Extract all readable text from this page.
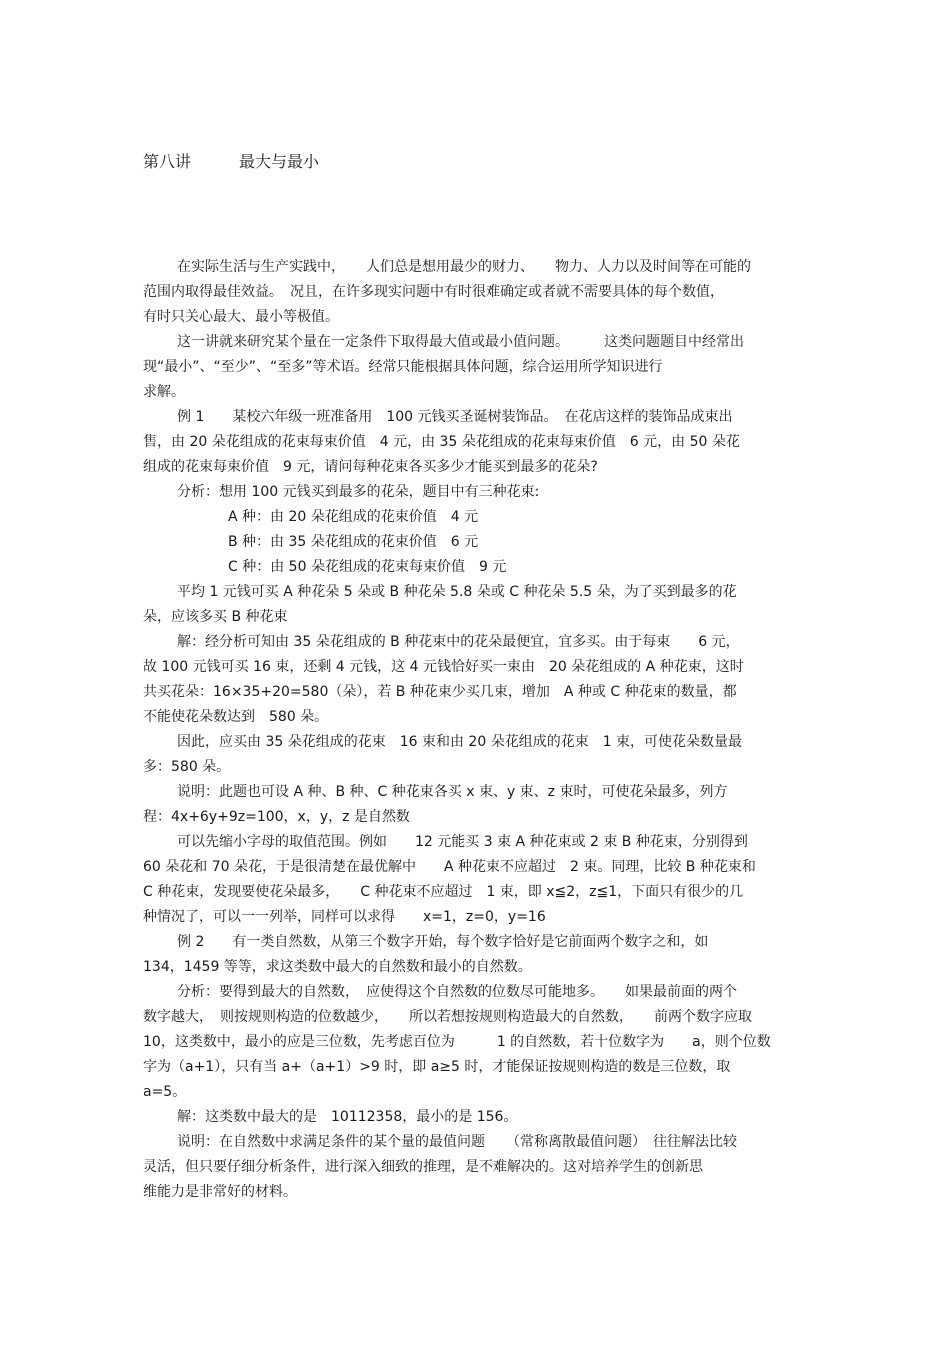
第八讲　　　最大与最小
在实际生活与生产实践中，　　人们总是想用最少的财力、　　物力、人力以及时间等在可能的
范围内取得最佳效益。　况且，在许多现实问题中有时很难确定或者就不需要具体的每个数值，
有时只关心最大、最小等极值。
这一讲就来研究某个量在一定条件下取得最大值或最小值问题。　　　这类问题题目中经常出
现“最小”、“至少”、“至多”等术语。经常只能根据具体问题，综合运用所学知识进行
求解。
例 1　　某校六年级一班准备用　100 元钱买圣诞树装饰品。　在花店这样的装饰品成束出
售，由 20 朵花组成的花束每束价值　4 元，由 35 朵花组成的花束每束价值　6 元，由 50 朵花
组成的花束每束价值　9 元，请问每种花束各买多少才能买到最多的花朵?
分析：想用 100 元钱买到最多的花朵，题目中有三种花束:
A 种：由 20 朵花组成的花束价值　4 元
B 种：由 35 朵花组成的花束价值　6 元
C 种：由 50 朵花组成的花束每束价值　9 元
平均 1 元钱可买 A 种花朵 5 朵或 B 种花朵 5.8 朵或 C 种花朵 5.5 朵，为了买到最多的花
朵，应该多买 B 种花束
解：经分析可知由 35 朵花组成的 B 种花束中的花朵最便宜，宜多买。由于每束　　6 元，
故 100 元钱可买 16 束，还剩 4 元钱，这 4 元钱恰好买一束由　20 朵花组成的 A 种花束，这时
共买花朵：16×35+20=580（朵），若 B 种花束少买几束，增加　A 种或 C 种花束的数量，都
不能使花朵数达到　580 朵。
因此，应买由 35 朵花组成的花束　16 束和由 20 朵花组成的花束　1 束，可使花朵数量最
多：580 朵。
说明：此题也可设 A 种、B 种、C 种花束各买 x 束、y 束、z 束时，可使花朵最多，列方
程：4x+6y+9z=100，x，y，z 是自然数
可以先缩小字母的取值范围。例如　　12 元能买 3 束 A 种花束或 2 束 B 种花束，分别得到
60 朵花和 70 朵花，于是很清楚在最优解中　　A 种花束不应超过　2 束。同理，比较 B 种花束和
C 种花束，发现要使花朵最多，　　C 种花束不应超过　1 束，即 x≦2，z≦1，下面只有很少的几
种情况了，可以一一列举，同样可以求得　　x=1，z=0，y=16
例 2　　有一类自然数，从第三个数字开始，每个数字恰好是它前面两个数字之和，如
134，1459 等等，求这类数中最大的自然数和最小的自然数。
分析：要得到最大的自然数，　应使得这个自然数的位数尽可能地多。　　如果最前面的两个
数字越大，　则按规则构造的位数越少，　　所以若想按规则构造最大的自然数，　　前两个数字应取
10，这类数中，最小的应是三位数，先考虑百位为　　　1 的自然数，若十位数字为　　a，则个位数
字为（a+1），只有当 a+（a+1）>9 时，即 a≥5 时，才能保证按规则构造的数是三位数，取
a=5。
解：这类数中最大的是　10112358，最小的是 156。
说明：在自然数中求满足条件的某个量的最值问题　　（常称离散最值问题）　往往解法比较
灵活，但只要仔细分析条件，进行深入细致的推理，是不难解决的。这对培养学生的创新思
维能力是非常好的材料。
